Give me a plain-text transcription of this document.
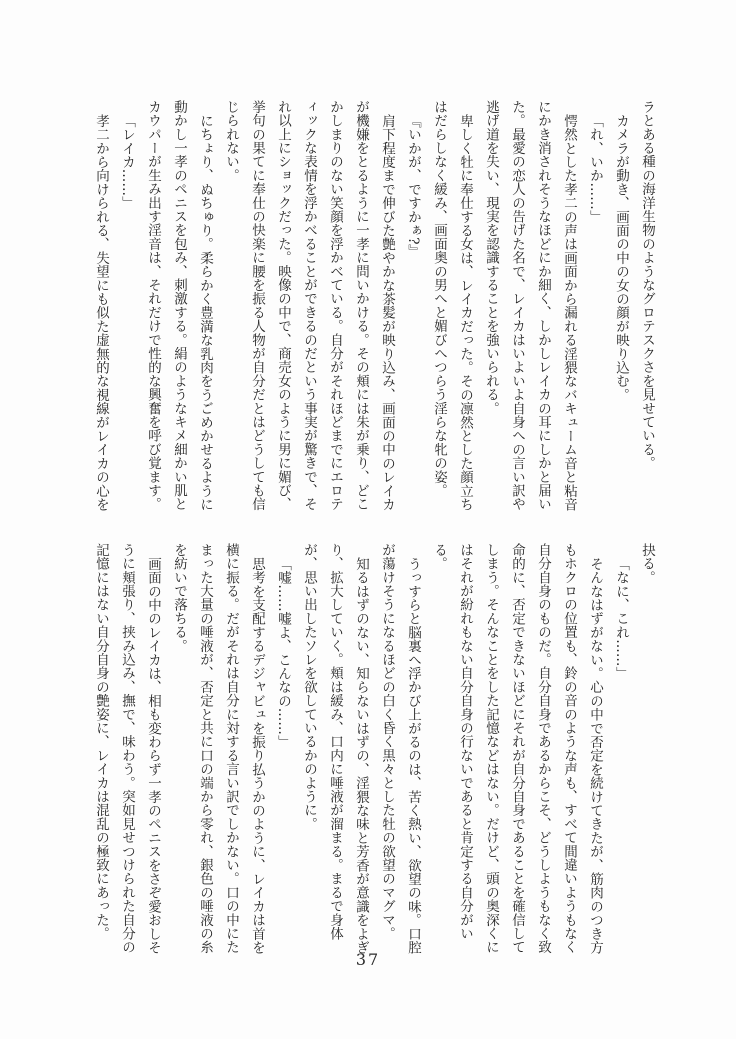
ラとある種の海洋生物のようなグロテスクさを見せている。

カメラが動き、画面の中の女の顔が映り込む。

「れ、いか……」

愕然とした孝二の声は画面から漏れる淫猥なバキューム音と粘音

にかき消されそうなほどにか細く、しかしレイカの耳にしかと届い

た。最愛の恋人の告げた名で、レイカはいよいよ自身への言い訳や

逃げ道を失い、現実を認識することを強いられる。

卑しく牡に奉仕する女は、レイカだった。その凛然とした顔立ち

はだらしなく緩み、画面奥の男へと媚びへつらう淫らな牝の姿。

『いかが、ですかぁ?』

肩下程度まで伸びた艶やかな茶髪が映り込み、画面の中のレイカ

が機嫌をとるように一孝に問いかける。その頬には朱が乗り、どこ

かしまりのない笑顔を浮かべている。自分がそれほどまでにエロテ

ィックな表情を浮かべることができるのだという事実が驚きで、そ

れ以上にショックだった。映像の中で、商売女のように男に媚び、

挙句の果てに奉仕の快楽に腰を振る人物が自分だとはどうしても信

じられない。

にちょり、ぬちゅり。柔らかく豊満な乳肉をうごめかせるように

動かし一孝のペニスを包み、刺激する。絹のようなキメ細かい肌と

カウパーが生み出す淫音は、それだけで性的な興奮を呼び覚ます。

「レイカ……」

孝二から向けられる、失望にも似た虚無的な視線がレイカの心を

抉る。

「なに、これ……」

そんなはずがない。心の中で否定を続けてきたが、筋肉のつき方

もホクロの位置も、鈴の音のような声も、すべて間違いようもなく

自分自身のものだ。自分自身であるからこそ、どうしようもなく致

命的に、否定できないほどにそれが自分自身であることを確信して

しまう。そんなことをした記憶などはない。だけど、頭の奥深くに

はそれが紛れもない自分自身の行ないであると肯定する自分がい

る。

うっすらと脳裏へ浮かび上がるのは、苦く熱い、欲望の味。口腔

が蕩けそうになるほどの白く昏く黒々とした牡の欲望のマグマ。

知るはずのない、知らないはずの、淫猥な味と芳香が意識をよぎ

り、拡大していく。頬は緩み、口内に唾液が溜まる。まるで身体

が、思い出したソレを欲しているかのように。

「嘘……嘘よ、こんなの……」

思考を支配するデジャビュを振り払うかのように、レイカは首を

横に振る。だがそれは自分に対する言い訳でしかない。口の中にた

まった大量の唾液が、否定と共に口の端から零れ、銀色の唾液の糸

を紡いで落ちる。

画面の中のレイカは、相も変わらず一孝のペニスをさぞ愛おしそ

うに頬張り、挟み込み、撫で、味わう。突如見せつけられた自分の

記憶にはない自分自身の艶姿に、レイカは混乱の極致にあった。

37
